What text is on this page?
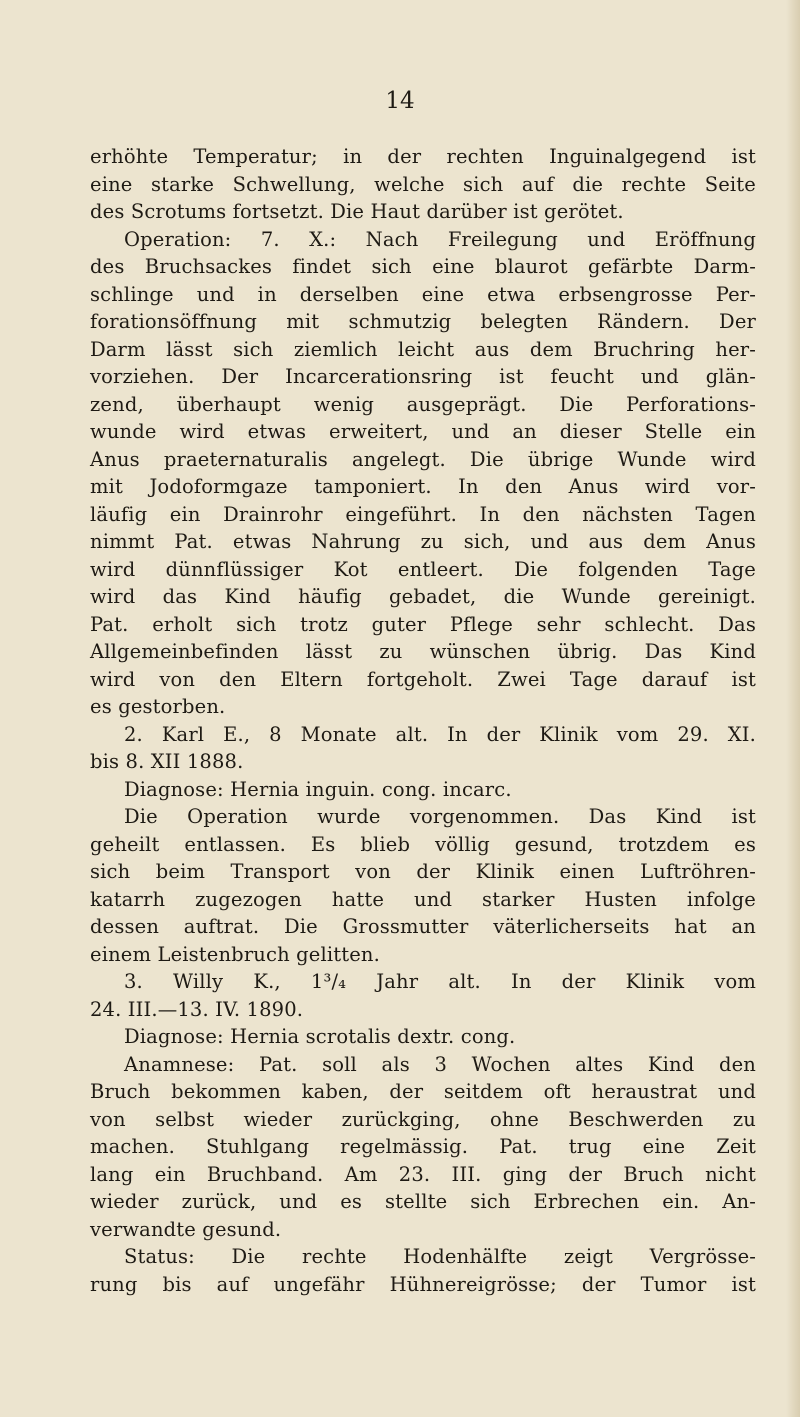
14
erhöhte Temperatur; in der rechten Inguinalgegend ist
eine starke Schwellung, welche sich auf die rechte Seite
des Scrotums fortsetzt. Die Haut darüber ist gerötet.
Operation: 7. X.: Nach Freilegung und Eröffnung
des Bruchsackes findet sich eine blaurot gefärbte Darm-
schlinge und in derselben eine etwa erbsengrosse Per-
forationsöffnung mit schmutzig belegten Rändern. Der
Darm lässt sich ziemlich leicht aus dem Bruchring her-
vorziehen. Der Incarcerationsring ist feucht und glän-
zend, überhaupt wenig ausgeprägt. Die Perforations-
wunde wird etwas erweitert, und an dieser Stelle ein
Anus praeternaturalis angelegt. Die übrige Wunde wird
mit Jodoformgaze tamponiert. In den Anus wird vor-
läufig ein Drainrohr eingeführt. In den nächsten Tagen
nimmt Pat. etwas Nahrung zu sich, und aus dem Anus
wird dünnflüssiger Kot entleert. Die folgenden Tage
wird das Kind häufig gebadet, die Wunde gereinigt.
Pat. erholt sich trotz guter Pflege sehr schlecht. Das
Allgemeinbefinden lässt zu wünschen übrig. Das Kind
wird von den Eltern fortgeholt. Zwei Tage darauf ist
es gestorben.
2. Karl E., 8 Monate alt. In der Klinik vom 29. XI.
bis 8. XII 1888.
Diagnose: Hernia inguin. cong. incarc.
Die Operation wurde vorgenommen. Das Kind ist
geheilt entlassen. Es blieb völlig gesund, trotzdem es
sich beim Transport von der Klinik einen Luftröhren-
katarrh zugezogen hatte und starker Husten infolge
dessen auftrat. Die Grossmutter väterlicherseits hat an
einem Leistenbruch gelitten.
3. Willy K., 1³/₄ Jahr alt. In der Klinik vom
24. III.—13. IV. 1890.
Diagnose: Hernia scrotalis dextr. cong.
Anamnese: Pat. soll als 3 Wochen altes Kind den
Bruch bekommen kaben, der seitdem oft heraustrat und
von selbst wieder zurückging, ohne Beschwerden zu
machen. Stuhlgang regelmässig. Pat. trug eine Zeit
lang ein Bruchband. Am 23. III. ging der Bruch nicht
wieder zurück, und es stellte sich Erbrechen ein. An-
verwandte gesund.
Status: Die rechte Hodenhälfte zeigt Vergrösse-
rung bis auf ungefähr Hühnereigrösse; der Tumor ist
